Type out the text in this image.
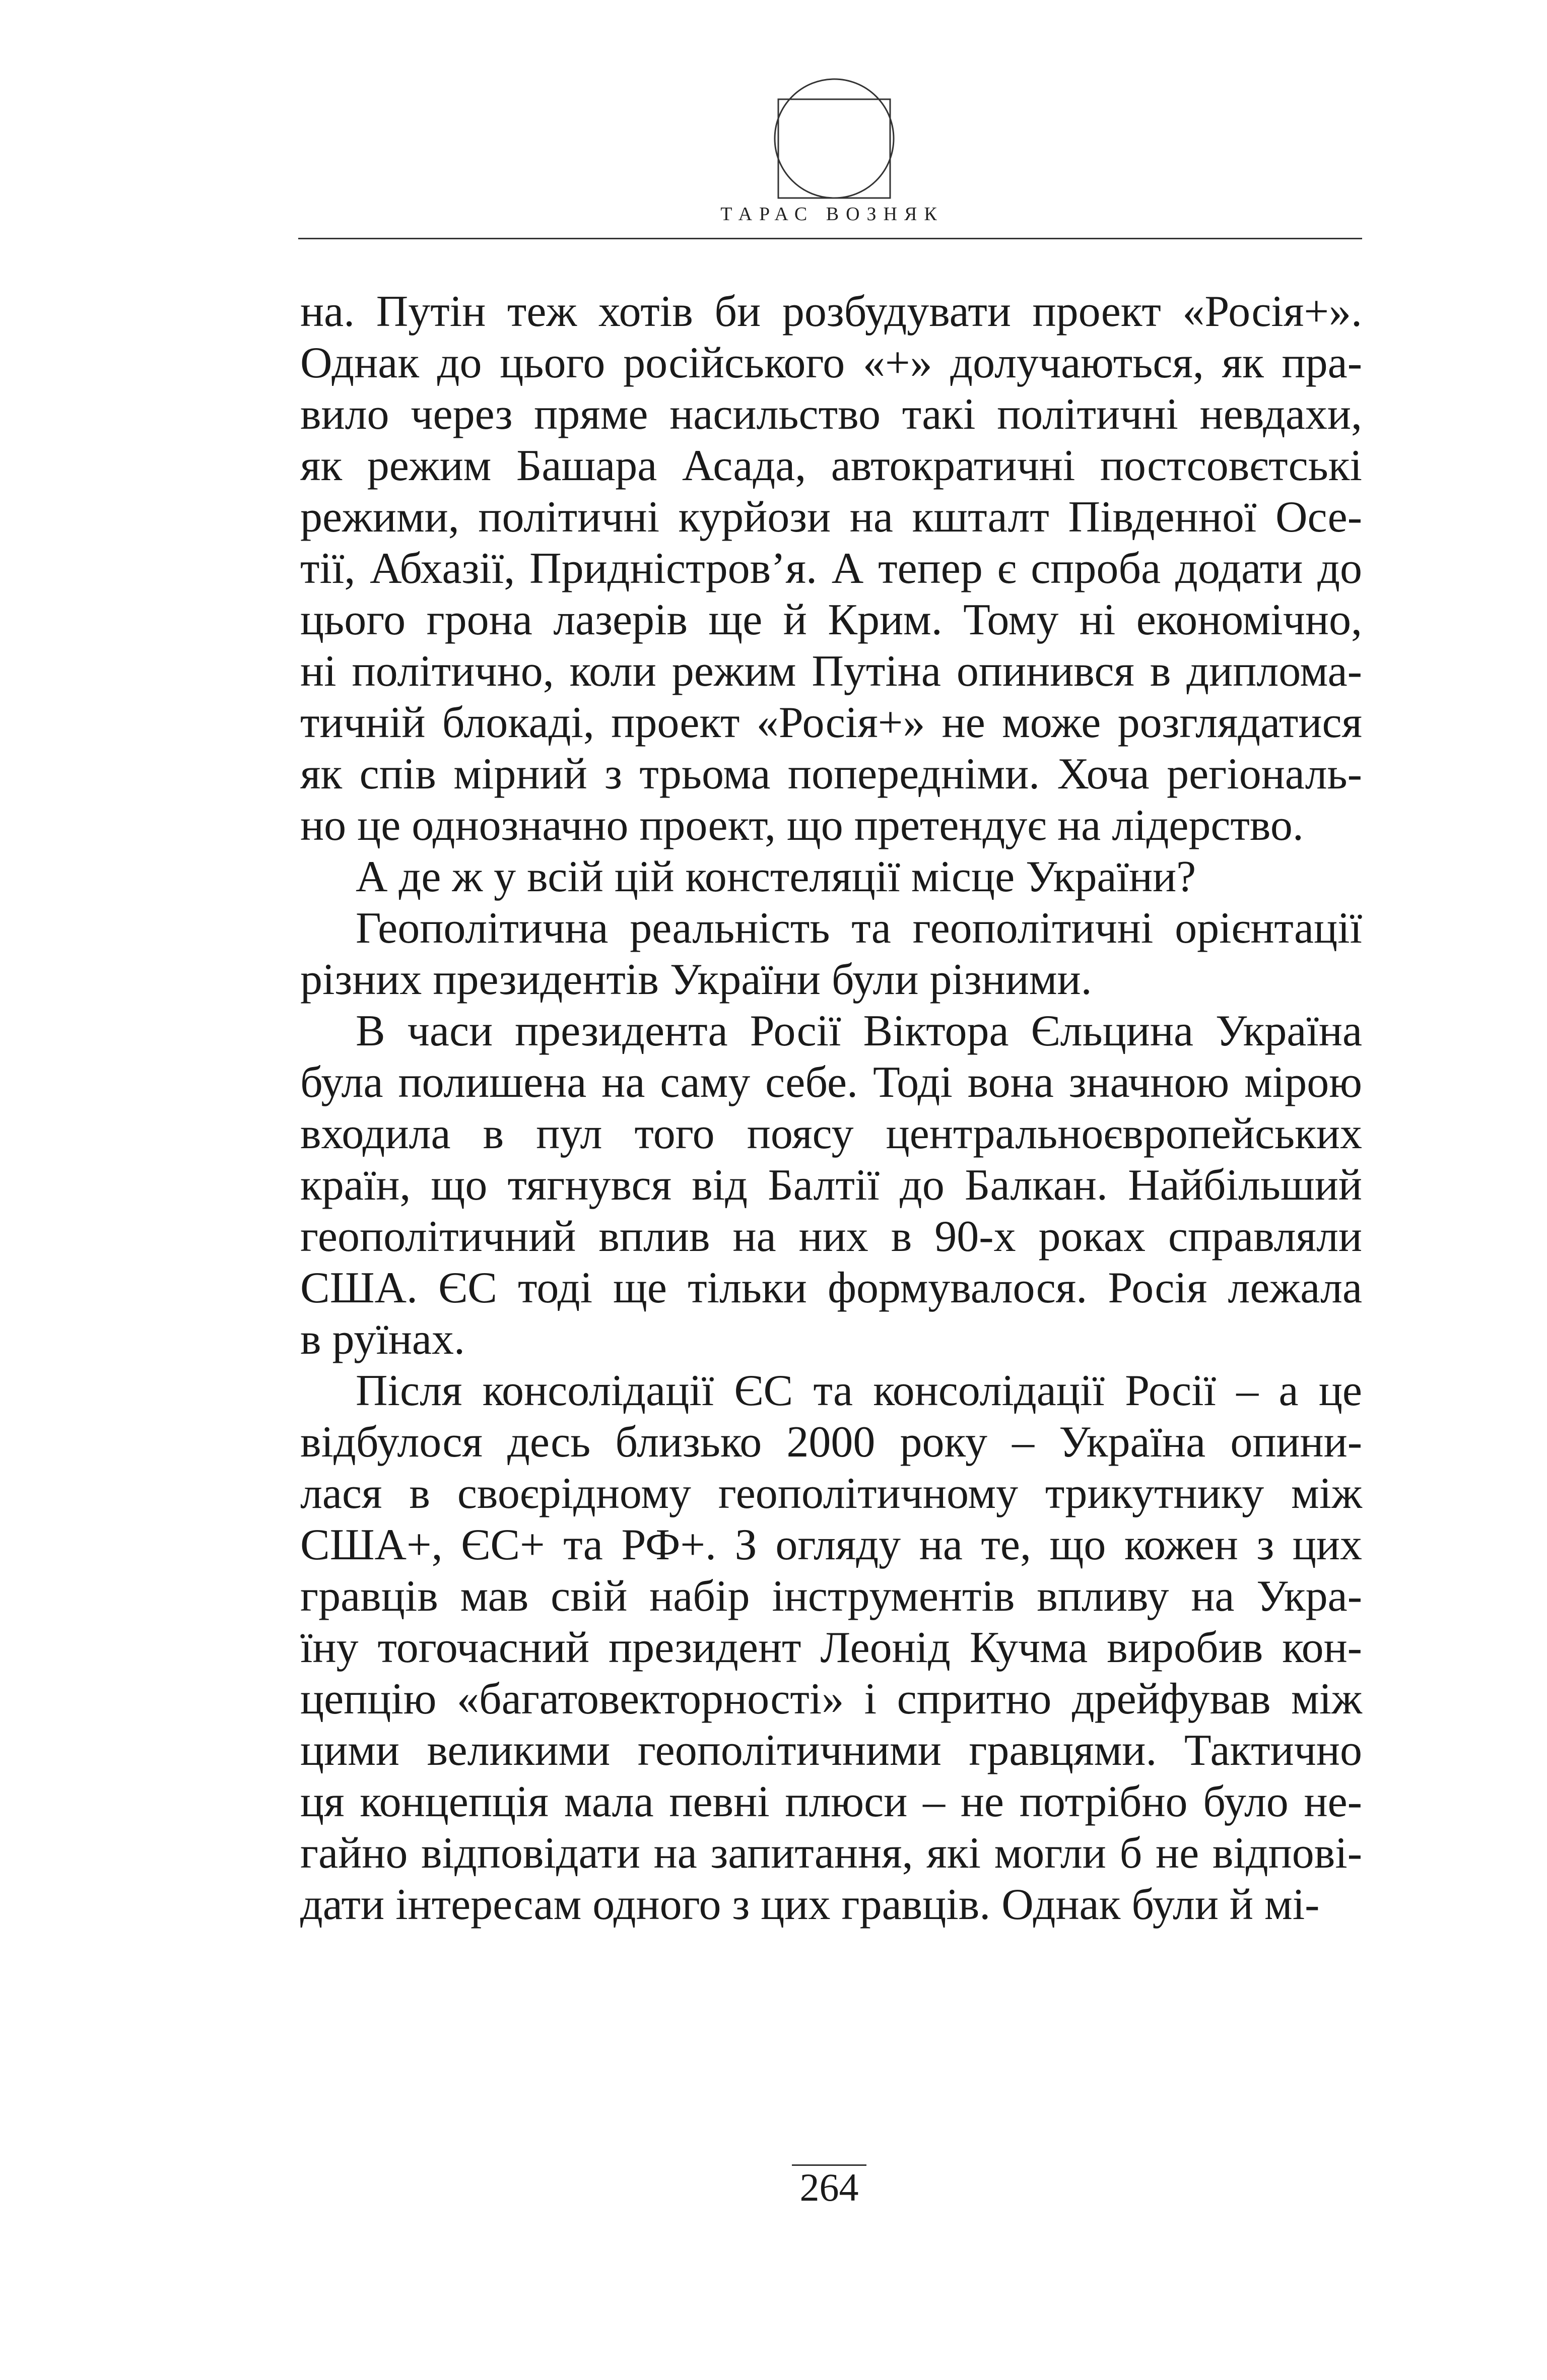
ТАРАС ВОЗНЯК
на. Путін теж хотів би розбудувати проект «Росія+».
Однак до цього російського «+» долучаються, як пра-
вило через пряме насильство такі політичні невдахи,
як режим Башара Асада, автократичні постсовєтські
режими, політичні курйози на кшталт Південної Осе-
тії, Абхазії, Придністров’я. А тепер є спроба додати до
цього грона лазерів ще й Крим. Тому ні економічно,
ні політично, коли режим Путіна опинився в диплома-
тичній блокаді, проект «Росія+» не може розглядатися
як спів мірний з трьома попередніми. Хоча регіональ-
но це однозначно проект, що претендує на лідерство.
А де ж у всій цій констеляції місце України?
Геополітична реальність та геополітичні орієнтації
різних президентів України були різними.
В часи президента Росії Віктора Єльцина Україна
була полишена на саму себе. Тоді вона значною мірою
входила в пул того поясу центральноєвропейських
країн, що тягнувся від Балтії до Балкан. Найбільший
геополітичний вплив на них в 90-х роках справляли
США. ЄС тоді ще тільки формувалося. Росія лежала
в руїнах.
Після консолідації ЄС та консолідації Росії – а це
відбулося десь близько 2000 року – Україна опини-
лася в своєрідному геополітичному трикутнику між
США+, ЄС+ та РФ+. З огляду на те, що кожен з цих
гравців мав свій набір інструментів впливу на Укра-
їну тогочасний президент Леонід Кучма виробив кон-
цепцію «багатовекторності» і спритно дрейфував між
цими великими геополітичними гравцями. Тактично
ця концепція мала певні плюси – не потрібно було не-
гайно відповідати на запитання, які могли б не відпові-
дати інтересам одного з цих гравців. Однак були й мі-
264
